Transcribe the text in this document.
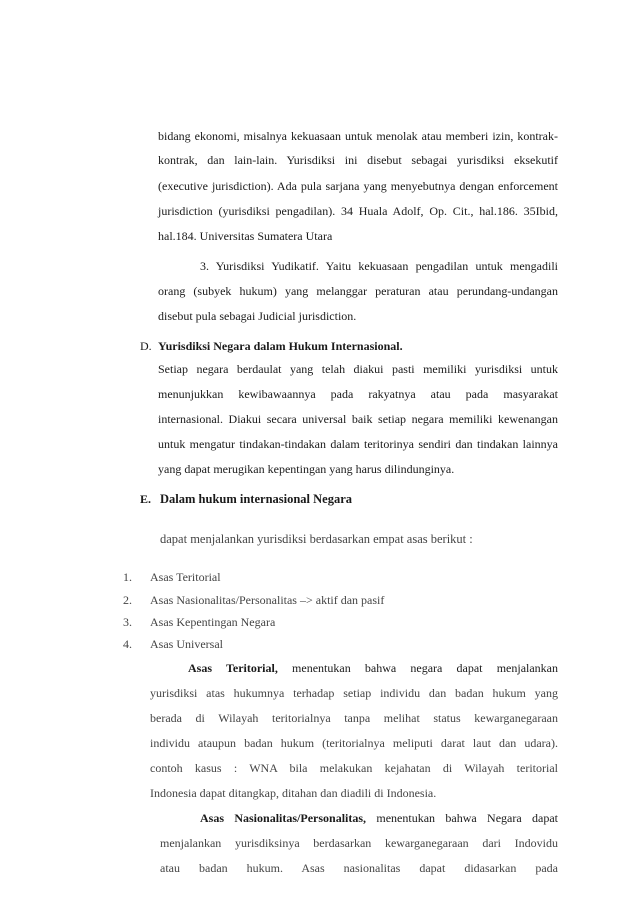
bidang ekonomi, misalnya kekuasaan untuk menolak atau memberi izin, kontrak-
kontrak, dan lain-lain. Yurisdiksi ini disebut sebagai yurisdiksi eksekutif
(executive jurisdiction). Ada pula sarjana yang menyebutnya dengan enforcement
jurisdiction (yurisdiksi pengadilan). 34 Huala Adolf, Op. Cit., hal.186. 35Ibid,
hal.184. Universitas Sumatera Utara
3. Yurisdiksi Yudikatif. Yaitu kekuasaan pengadilan untuk mengadili
orang (subyek hukum) yang melanggar peraturan atau perundang-undangan
disebut pula sebagai Judicial jurisdiction.
D. Yurisdiksi Negara dalam Hukum Internasional.
Setiap negara berdaulat yang telah diakui pasti memiliki yurisdiksi untuk
menunjukkan kewibawaannya pada rakyatnya atau pada masyarakat
internasional. Diakui secara universal baik setiap negara memiliki kewenangan
untuk mengatur tindakan-tindakan dalam teritorinya sendiri dan tindakan lainnya
yang dapat merugikan kepentingan yang harus dilindunginya.
E. Dalam hukum internasional Negara
dapat menjalankan yurisdiksi berdasarkan empat asas berikut :
1. Asas Teritorial
2. Asas Nasionalitas/Personalitas –> aktif dan pasif
3. Asas Kepentingan Negara
4. Asas Universal
Asas Teritorial, menentukan bahwa negara dapat menjalankan
yurisdiksi atas hukumnya terhadap setiap individu dan badan hukum yang
berada di Wilayah teritorialnya tanpa melihat status kewarganegaraan
individu ataupun badan hukum (teritorialnya meliputi darat laut dan udara).
contoh kasus : WNA bila melakukan kejahatan di Wilayah teritorial
Indonesia dapat ditangkap, ditahan dan diadili di Indonesia.
Asas Nasionalitas/Personalitas, menentukan bahwa Negara dapat
menjalankan yurisdiksinya berdasarkan kewarganegaraan dari Indovidu
atau badan hukum. Asas nasionalitas dapat didasarkan pada
